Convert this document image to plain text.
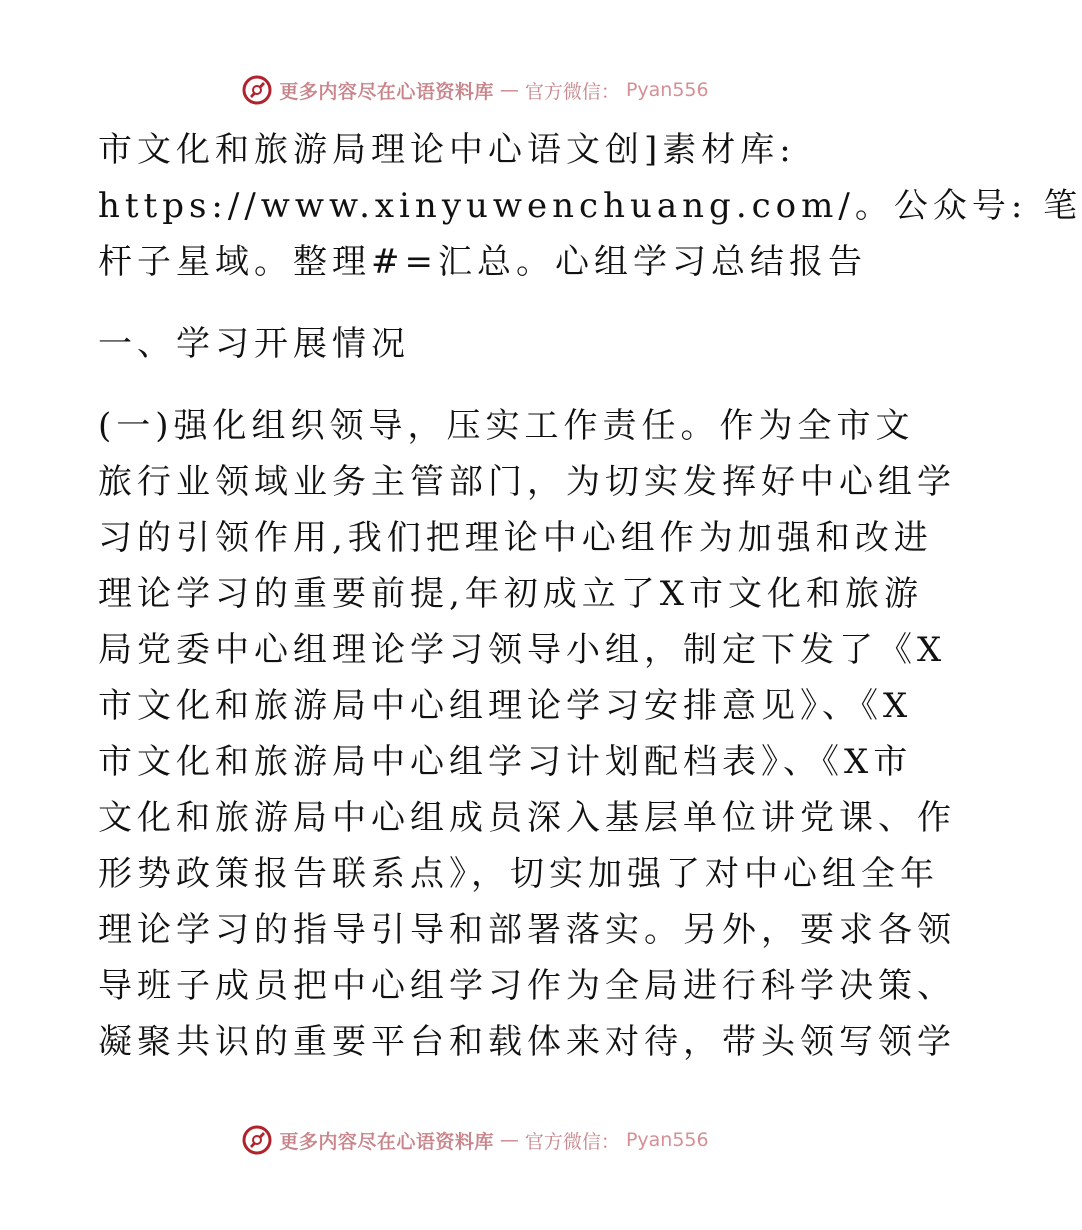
更多内容尽在心语资料库 — 官方微信： Pyan556
市文化和旅游局理论中心语文创]素材库:
https://www.xinyuwenchuang.com/。公众号: 笔
杆子星域。整理#=汇总。心组学习总结报告
一、学习开展情况
(一)强化组织领导，压实工作责任。作为全市文
旅行业领域业务主管部门，为切实发挥好中心组学
习的引领作用,我们把理论中心组作为加强和改进
理论学习的重要前提,年初成立了X市文化和旅游
局党委中心组理论学习领导小组，制定下发了《X
市文化和旅游局中心组理论学习安排意见》、《X
市文化和旅游局中心组学习计划配档表》、《X市
文化和旅游局中心组成员深入基层单位讲党课、作
形势政策报告联系点》，切实加强了对中心组全年
理论学习的指导引导和部署落实。另外，要求各领
导班子成员把中心组学习作为全局进行科学决策、
凝聚共识的重要平台和载体来对待，带头领写领学
更多内容尽在心语资料库 — 官方微信： Pyan556
